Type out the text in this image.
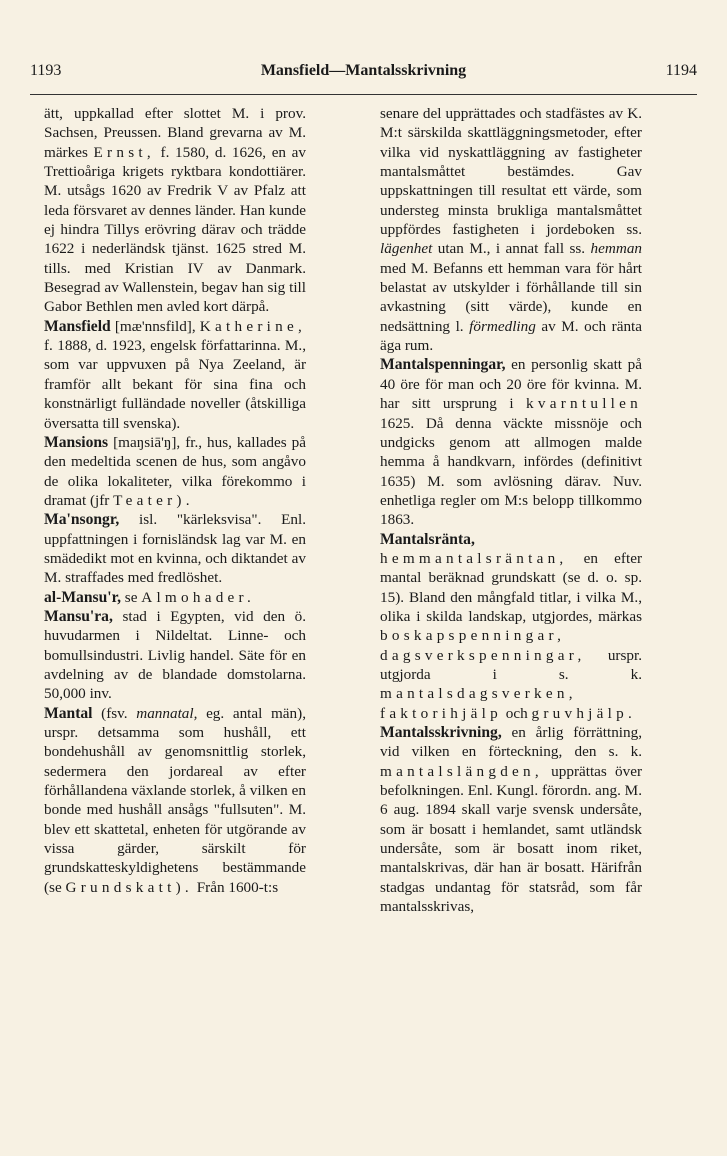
1193	Mansfield—Mantalsskrivning	1194

ätt, uppkallad efter slottet M. i prov. Sachsen, Preussen. Bland grevarna av M. märkes Ernst, f. 1580, d. 1626, en av Trettioåriga krigets ryktbara kondottiärer. M. utsågs 1620 av Fredrik V av Pfalz att leda försvaret av dennes länder. Han kunde ej hindra Tillys erövring därav och trädde 1622 i nederländsk tjänst. 1625 stred M. tills. med Kristian IV av Danmark. Besegrad av Wallenstein, begav han sig till Gabor Bethlen men avled kort därpå.

Mansfield [mæ'nnsfild], Katherine, f. 1888, d. 1923, engelsk författarinna. M., som var uppvuxen på Nya Zeeland, är framför allt bekant för sina fina och konstnärligt fulländade noveller (åtskilliga översatta till svenska).

Mansions [maŋsiā'ŋ], fr., hus, kallades på den medeltida scenen de hus, som angåvo de olika lokaliteter, vilka förekommo i dramat (jfr Teater).

Ma'nsongr, isl. "kärleksvisa". Enl. uppfattningen i fornisländsk lag var M. en smädedikt mot en kvinna, och diktandet av M. straffades med fredlöshet.

al-Mansu'r, se Almohader.

Mansu'ra, stad i Egypten, vid den ö. huvudarmen i Nildeltat. Linne- och bomullsindustri. Livlig handel. Säte för en avdelning av de blandade domstolarna. 50,000 inv.

Mantal (fsv. mannatal, eg. antal män), urspr. detsamma som hushåll, ett bondehushåll av genomsnittlig storlek, sedermera den jordareal av efter förhållandena växlande storlek, å vilken en bonde med hushåll ansågs "fullsuten". M. blev ett skattetal, enheten för utgörande av vissa gärder, särskilt för grundskatteskyldighetens bestämmande (se Grundskatt). Från 1600-t:s

senare del upprättades och stadfästes av K. M:t särskilda skattläggningsmetoder, efter vilka vid nyskattläggning av fastigheter mantalsmåttet bestämdes. Gav uppskattningen till resultat ett värde, som understeg minsta brukliga mantalsmåttet uppfördes fastigheten i jordeboken ss. lägenhet utan M., i annat fall ss. hemman med M. Befanns ett hemman vara för hårt belastat av utskylder i förhållande till sin avkastning (sitt värde), kunde en nedsättning l. förmedling av M. och ränta äga rum.

Mantalspenningar, en personlig skatt på 40 öre för man och 20 öre för kvinna. M. har sitt ursprung i kvarntullen 1625. Då denna väckte missnöje och undgicks genom att allmogen malde hemma å handkvarn, infördes (definitivt 1635) M. som avlösning därav. Nuv. enhetliga regler om M:s belopp tillkommo 1863.

Mantalsränta, hemmantalsräntan, en efter mantal beräknad grundskatt (se d. o. sp. 15). Bland den mångfald titlar, i vilka M., olika i skilda landskap, utgjordes, märkas boskapspenningar, dagsverkspenningar, urspr. utgjorda i s. k. mantalsdagsverken, faktorihjälp och gruvhjälp.

Mantalsskrivning, en årlig förrättning, vid vilken en förteckning, den s. k. mantalslängden, upprättas över befolkningen. Enl. Kungl. förordn. ang. M. 6 aug. 1894 skall varje svensk undersåte, som är bosatt i hemlandet, samt utländsk undersåte, som är bosatt inom riket, mantalskrivas, där han är bosatt. Härifrån stadgas undantag för statsråd, som får mantalsskrivas,
